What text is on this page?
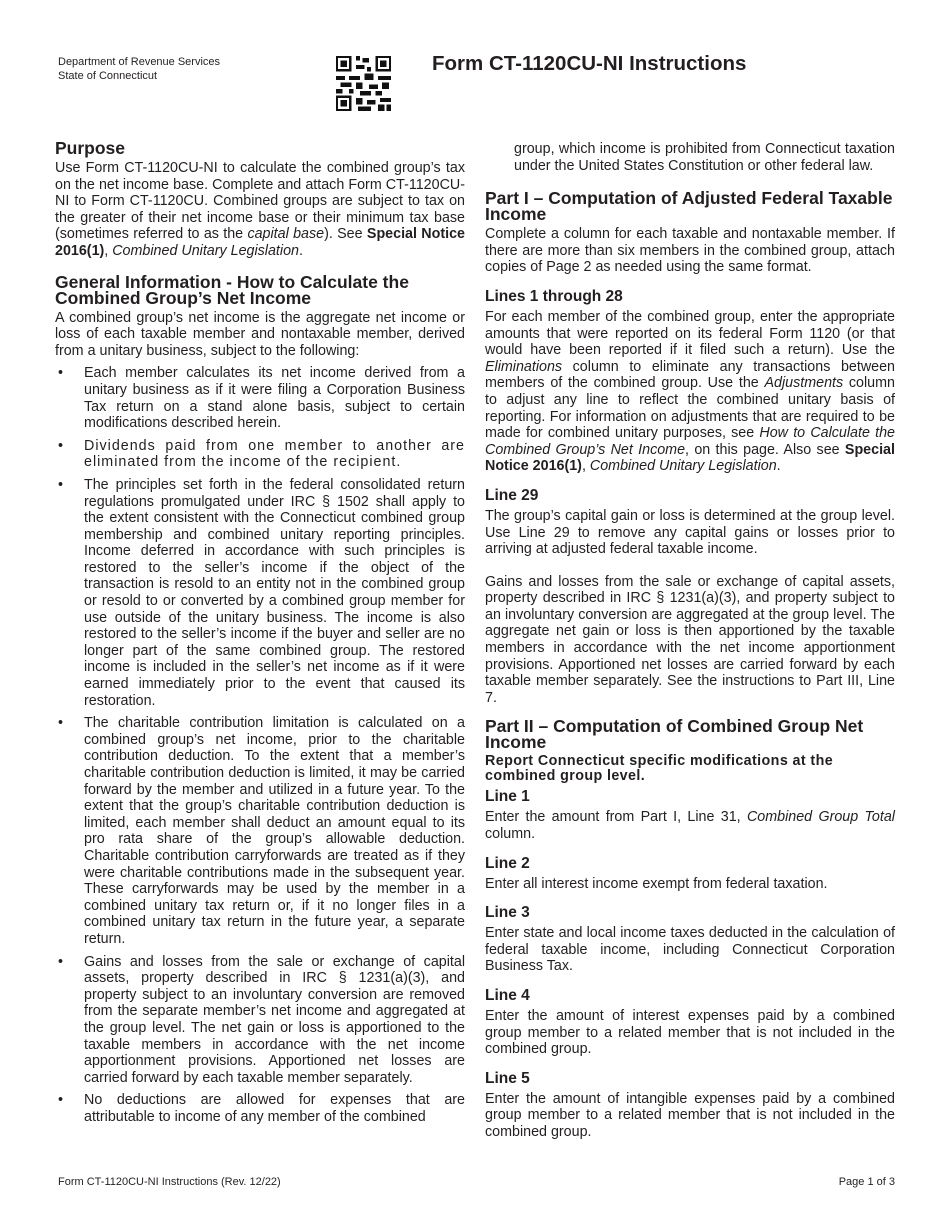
Department of Revenue Services
State of Connecticut
Form CT-1120CU-NI Instructions
Purpose

Use Form CT-1120CU-NI to calculate the combined group’s tax on the net income base. Complete and attach Form CT-1120CU-NI to Form CT-1120CU. Combined groups are subject to tax on the greater of their net income base or their minimum tax base (sometimes referred to as the capital base). See Special Notice 2016(1), Combined Unitary Legislation.

General Information - How to Calculate the Combined Group’s Net Income

A combined group’s net income is the aggregate net income or loss of each taxable member and nontaxable member, derived from a unitary business, subject to the following:

• Each member calculates its net income derived from a unitary business as if it were filing a Corporation Business Tax return on a stand alone basis, subject to certain modifications described herein.
• Dividends paid from one member to another are eliminated from the income of the recipient.
• The principles set forth in the federal consolidated return regulations promulgated under IRC § 1502 shall apply to the extent consistent with the Connecticut combined group membership and combined unitary reporting principles. Income deferred in accordance with such principles is restored to the seller’s income if the object of the transaction is resold to an entity not in the combined group or resold to or converted by a combined group member for use outside of the unitary business. The income is also restored to the seller’s income if the buyer and seller are no longer part of the same combined group. The restored income is included in the seller’s net income as if it were earned immediately prior to the event that caused its restoration.
• The charitable contribution limitation is calculated on a combined group’s net income, prior to the charitable contribution deduction. To the extent that a member’s charitable contribution deduction is limited, it may be carried forward by the member and utilized in a future year. To the extent that the group’s charitable contribution deduction is limited, each member shall deduct an amount equal to its pro rata share of the group’s allowable deduction. Charitable contribution carryforwards are treated as if they were charitable contributions made in the subsequent year. These carryforwards may be used by the member in a combined unitary tax return or, if it no longer files in a combined unitary tax return in the future year, a separate return.
• Gains and losses from the sale or exchange of capital assets, property described in IRC § 1231(a)(3), and property subject to an involuntary conversion are removed from the separate member’s net income and aggregated at the group level. The net gain or loss is apportioned to the taxable members in accordance with the net income apportionment provisions. Apportioned net losses are carried forward by each taxable member separately.
• No deductions are allowed for expenses that are attributable to income of any member of the combined
group, which income is prohibited from Connecticut taxation under the United States Constitution or other federal law.
Part I – Computation of Adjusted Federal Taxable Income

Complete a column for each taxable and nontaxable member. If there are more than six members in the combined group, attach copies of Page 2 as needed using the same format.

Lines 1 through 28

For each member of the combined group, enter the appropriate amounts that were reported on its federal Form 1120 (or that would have been reported if it filed such a return). Use the Eliminations column to eliminate any transactions between members of the combined group. Use the Adjustments column to adjust any line to reflect the combined unitary basis of reporting. For information on adjustments that are required to be made for combined unitary purposes, see How to Calculate the Combined Group’s Net Income, on this page. Also see Special Notice 2016(1), Combined Unitary Legislation.

Line 29

The group’s capital gain or loss is determined at the group level. Use Line 29 to remove any capital gains or losses prior to arriving at adjusted federal taxable income.

Gains and losses from the sale or exchange of capital assets, property described in IRC § 1231(a)(3), and property subject to an involuntary conversion are aggregated at the group level. The aggregate net gain or loss is then apportioned by the taxable members in accordance with the net income apportionment provisions. Apportioned net losses are carried forward by each taxable member separately. See the instructions to Part III, Line 7.

Part II – Computation of Combined Group Net Income
Report Connecticut specific modifications at the combined group level.
Line 1

Enter the amount from Part I, Line 31, Combined Group Total column.

Line 2

Enter all interest income exempt from federal taxation.

Line 3

Enter state and local income taxes deducted in the calculation of federal taxable income, including Connecticut Corporation Business Tax.

Line 4

Enter the amount of interest expenses paid by a combined group member to a related member that is not included in the combined group.

Line 5

Enter the amount of intangible expenses paid by a combined group member to a related member that is not included in the combined group.

Form CT-1120CU-NI Instructions (Rev. 12/22)	Page 1 of 3
